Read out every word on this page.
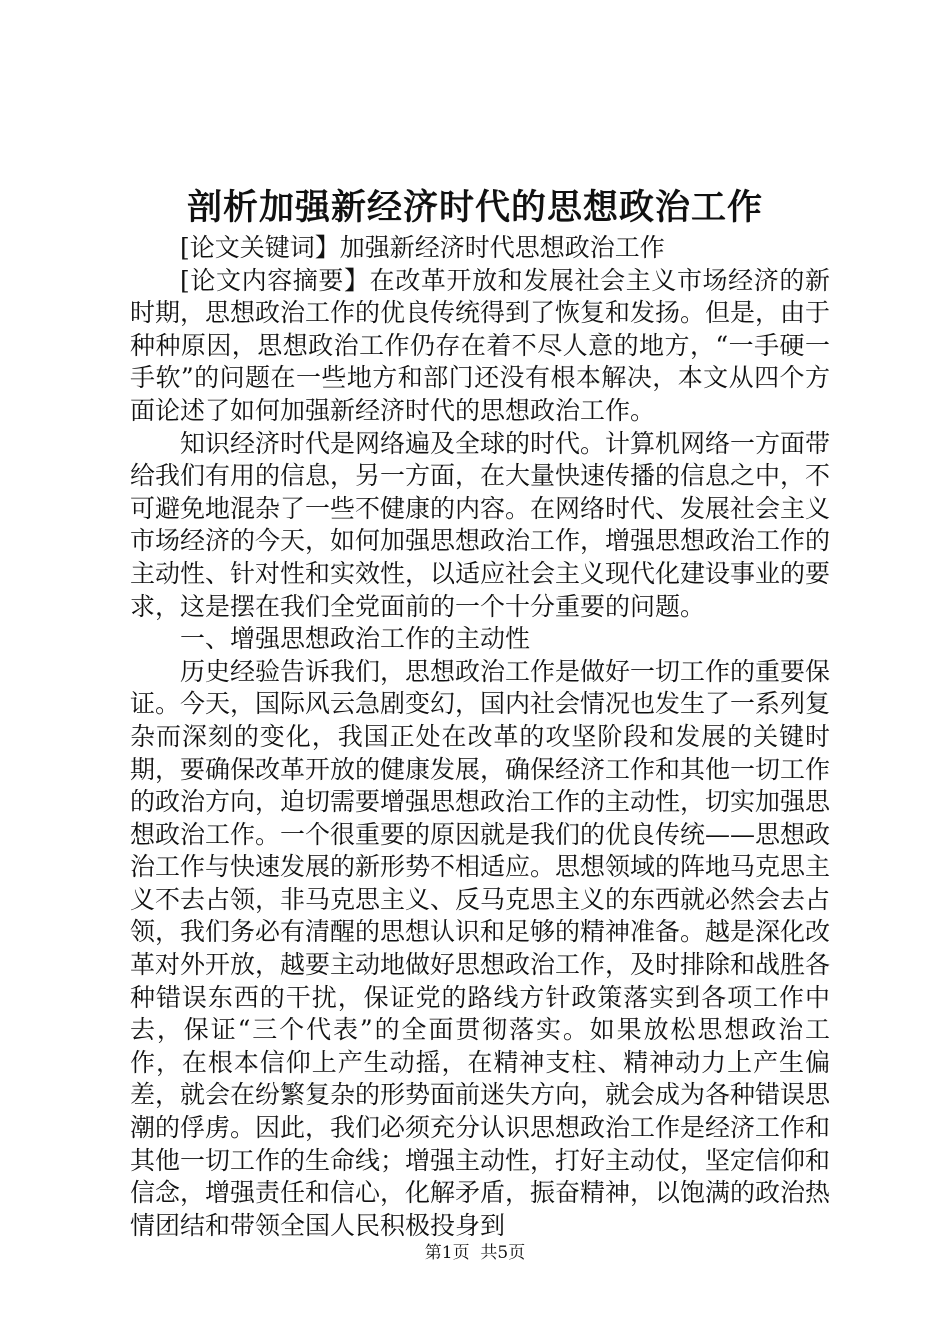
剖析加强新经济时代的思想政治工作

[论文关键词】加强新经济时代思想政治工作

[论文内容摘要】在改革开放和发展社会主义市场经济的新时期，思想政治工作的优良传统得到了恢复和发扬。但是，由于种种原因，思想政治工作仍存在着不尽人意的地方，“一手硬一手软”的问题在一些地方和部门还没有根本解决，本文从四个方面论述了如何加强新经济时代的思想政治工作。

知识经济时代是网络遍及全球的时代。计算机网络一方面带给我们有用的信息，另一方面，在大量快速传播的信息之中，不可避免地混杂了一些不健康的内容。在网络时代、发展社会主义市场经济的今天，如何加强思想政治工作，增强思想政治工作的主动性、针对性和实效性，以适应社会主义现代化建设事业的要求，这是摆在我们全党面前的一个十分重要的问题。

一、增强思想政治工作的主动性

历史经验告诉我们，思想政治工作是做好一切工作的重要保证。今天，国际风云急剧变幻，国内社会情况也发生了一系列复杂而深刻的变化，我国正处在改革的攻坚阶段和发展的关键时期，要确保改革开放的健康发展，确保经济工作和其他一切工作的政治方向，迫切需要增强思想政治工作的主动性，切实加强思想政治工作。一个很重要的原因就是我们的优良传统——思想政治工作与快速发展的新形势不相适应。思想领域的阵地马克思主义不去占领，非马克思主义、反马克思主义的东西就必然会去占领，我们务必有清醒的思想认识和足够的精神准备。越是深化改革对外开放，越要主动地做好思想政治工作，及时排除和战胜各种错误东西的干扰，保证党的路线方针政策落实到各项工作中去，保证“三个代表”的全面贯彻落实。如果放松思想政治工作，在根本信仰上产生动摇，在精神支柱、精神动力上产生偏差，就会在纷繁复杂的形势面前迷失方向，就会成为各种错误思潮的俘虏。因此，我们必须充分认识思想政治工作是经济工作和其他一切工作的生命线；增强主动性，打好主动仗，坚定信仰和信念，增强责任和信心，化解矛盾，振奋精神，以饱满的政治热情团结和带领全国人民积极投身到

第1页 共5页
